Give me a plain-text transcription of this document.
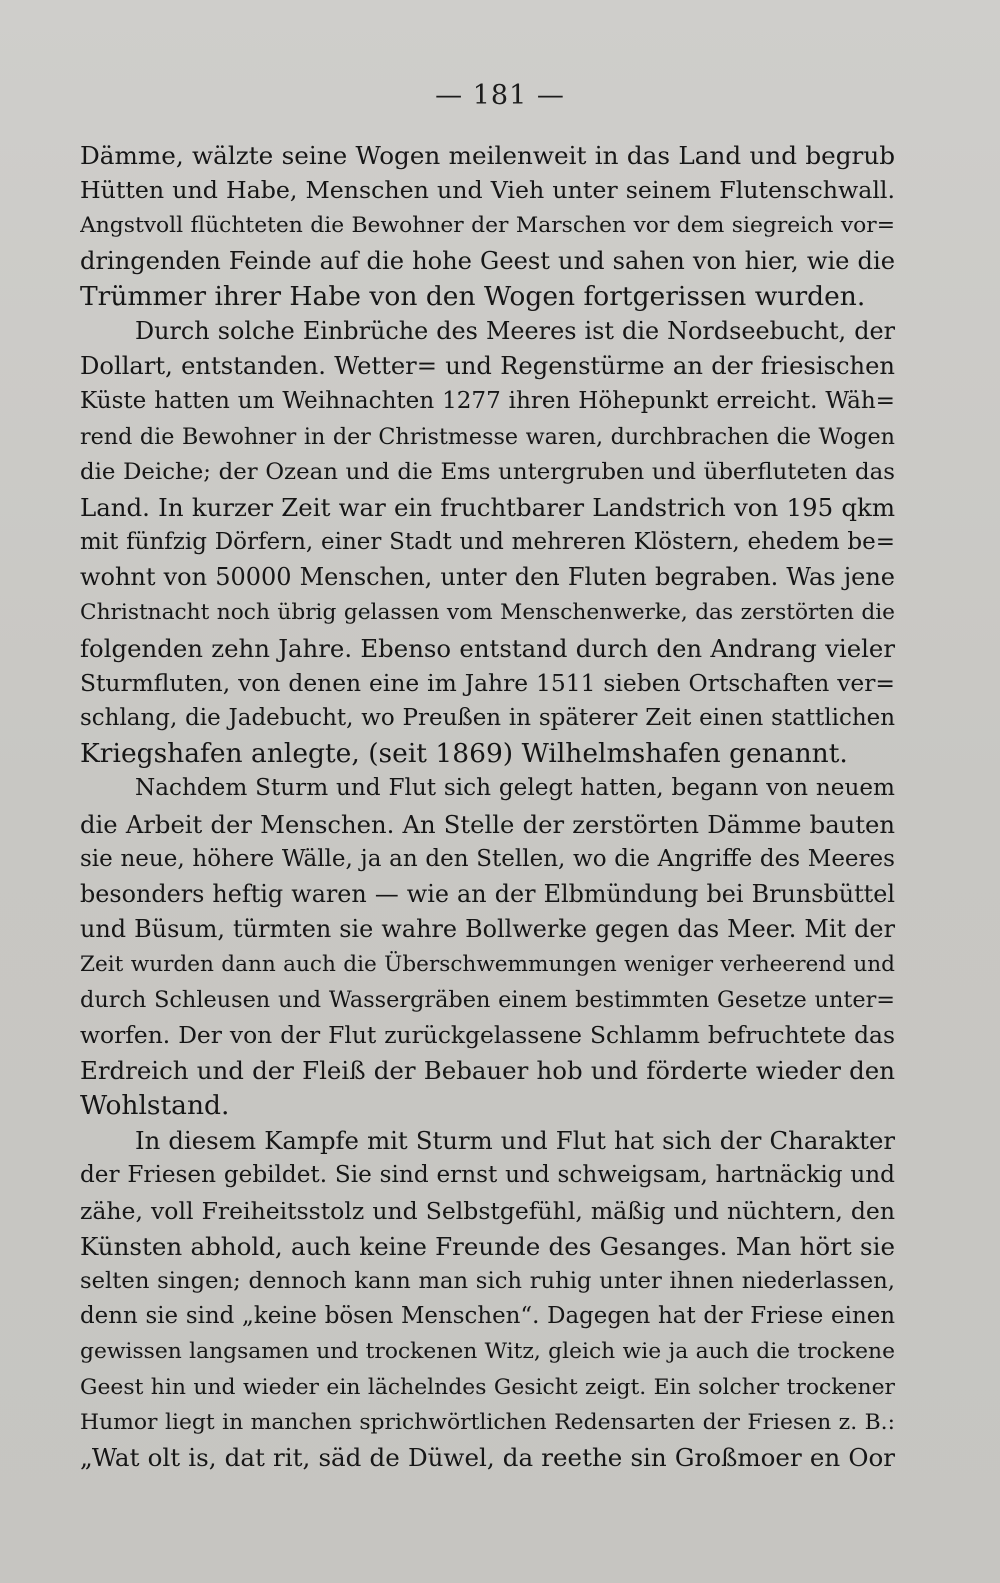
— 181 —
Dämme, wälzte seine Wogen meilenweit in das Land und begrub
Hütten und Habe, Menschen und Vieh unter seinem Flutenschwall.
Angstvoll flüchteten die Bewohner der Marschen vor dem siegreich vor=
dringenden Feinde auf die hohe Geest und sahen von hier, wie die
Trümmer ihrer Habe von den Wogen fortgerissen wurden.
Durch solche Einbrüche des Meeres ist die Nordseebucht, der
Dollart, entstanden. Wetter= und Regenstürme an der friesischen
Küste hatten um Weihnachten 1277 ihren Höhepunkt erreicht. Wäh=
rend die Bewohner in der Christmesse waren, durchbrachen die Wogen
die Deiche; der Ozean und die Ems untergruben und überfluteten das
Land. In kurzer Zeit war ein fruchtbarer Landstrich von 195 qkm
mit fünfzig Dörfern, einer Stadt und mehreren Klöstern, ehedem be=
wohnt von 50000 Menschen, unter den Fluten begraben. Was jene
Christnacht noch übrig gelassen vom Menschenwerke, das zerstörten die
folgenden zehn Jahre. Ebenso entstand durch den Andrang vieler
Sturmfluten, von denen eine im Jahre 1511 sieben Ortschaften ver=
schlang, die Jadebucht, wo Preußen in späterer Zeit einen stattlichen
Kriegshafen anlegte, (seit 1869) Wilhelmshafen genannt.
Nachdem Sturm und Flut sich gelegt hatten, begann von neuem
die Arbeit der Menschen. An Stelle der zerstörten Dämme bauten
sie neue, höhere Wälle, ja an den Stellen, wo die Angriffe des Meeres
besonders heftig waren — wie an der Elbmündung bei Brunsbüttel
und Büsum, türmten sie wahre Bollwerke gegen das Meer. Mit der
Zeit wurden dann auch die Überschwemmungen weniger verheerend und
durch Schleusen und Wassergräben einem bestimmten Gesetze unter=
worfen. Der von der Flut zurückgelassene Schlamm befruchtete das
Erdreich und der Fleiß der Bebauer hob und förderte wieder den
Wohlstand.
In diesem Kampfe mit Sturm und Flut hat sich der Charakter
der Friesen gebildet. Sie sind ernst und schweigsam, hartnäckig und
zähe, voll Freiheitsstolz und Selbstgefühl, mäßig und nüchtern, den
Künsten abhold, auch keine Freunde des Gesanges. Man hört sie
selten singen; dennoch kann man sich ruhig unter ihnen niederlassen,
denn sie sind „keine bösen Menschen“. Dagegen hat der Friese einen
gewissen langsamen und trockenen Witz, gleich wie ja auch die trockene
Geest hin und wieder ein lächelndes Gesicht zeigt. Ein solcher trockener
Humor liegt in manchen sprichwörtlichen Redensarten der Friesen z. B.:
„Wat olt is, dat rit, säd de Düwel, da reethe sin Großmoer en Oor
